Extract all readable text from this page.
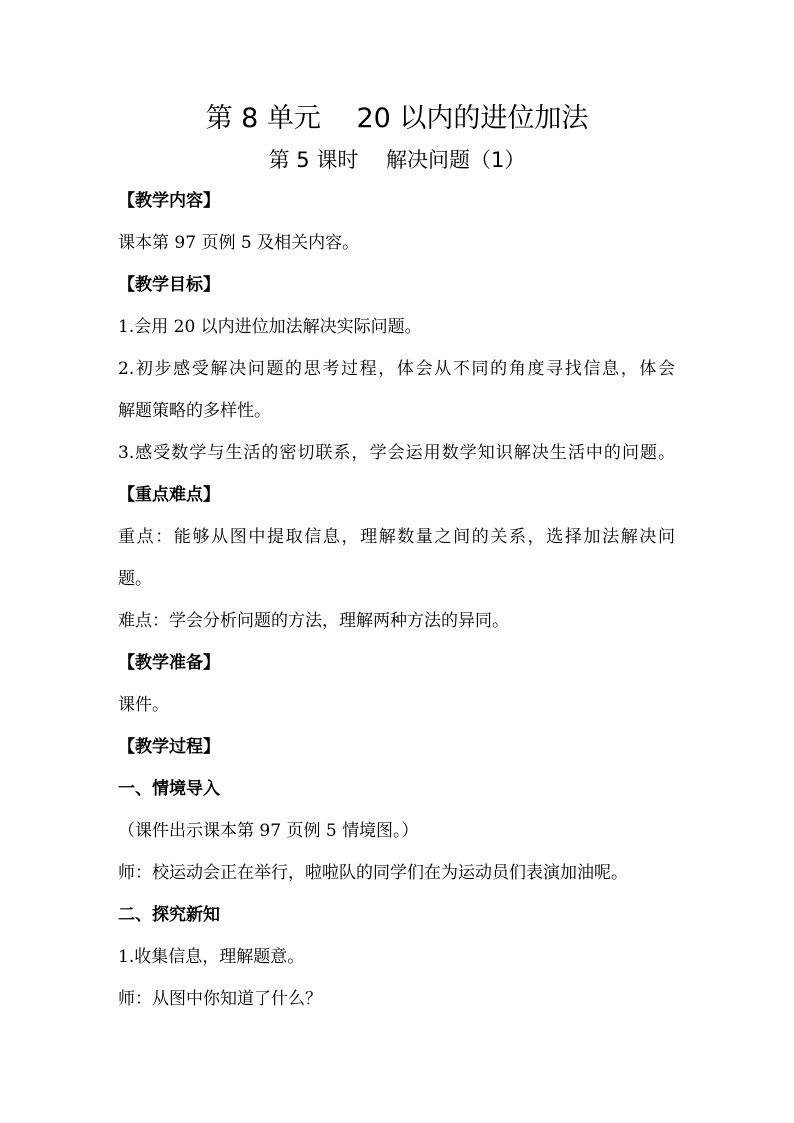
第 8 单元　 20 以内的进位加法
第 5 课时　 解决问题（1）
【教学内容】
课本第 97 页例 5 及相关内容。
【教学目标】
1.会用 20 以内进位加法解决实际问题。
2.初步感受解决问题的思考过程，体会从不同的角度寻找信息，体会
解题策略的多样性。
3.感受数学与生活的密切联系，学会运用数学知识解决生活中的问题。
【重点难点】
重点：能够从图中提取信息，理解数量之间的关系，选择加法解决问
题。
难点：学会分析问题的方法，理解两种方法的异同。
【教学准备】
课件。
【教学过程】
一、情境导入
（课件出示课本第 97 页例 5 情境图。）
师：校运动会正在举行，啦啦队的同学们在为运动员们表演加油呢。
二、探究新知
1.收集信息，理解题意。
师：从图中你知道了什么？
